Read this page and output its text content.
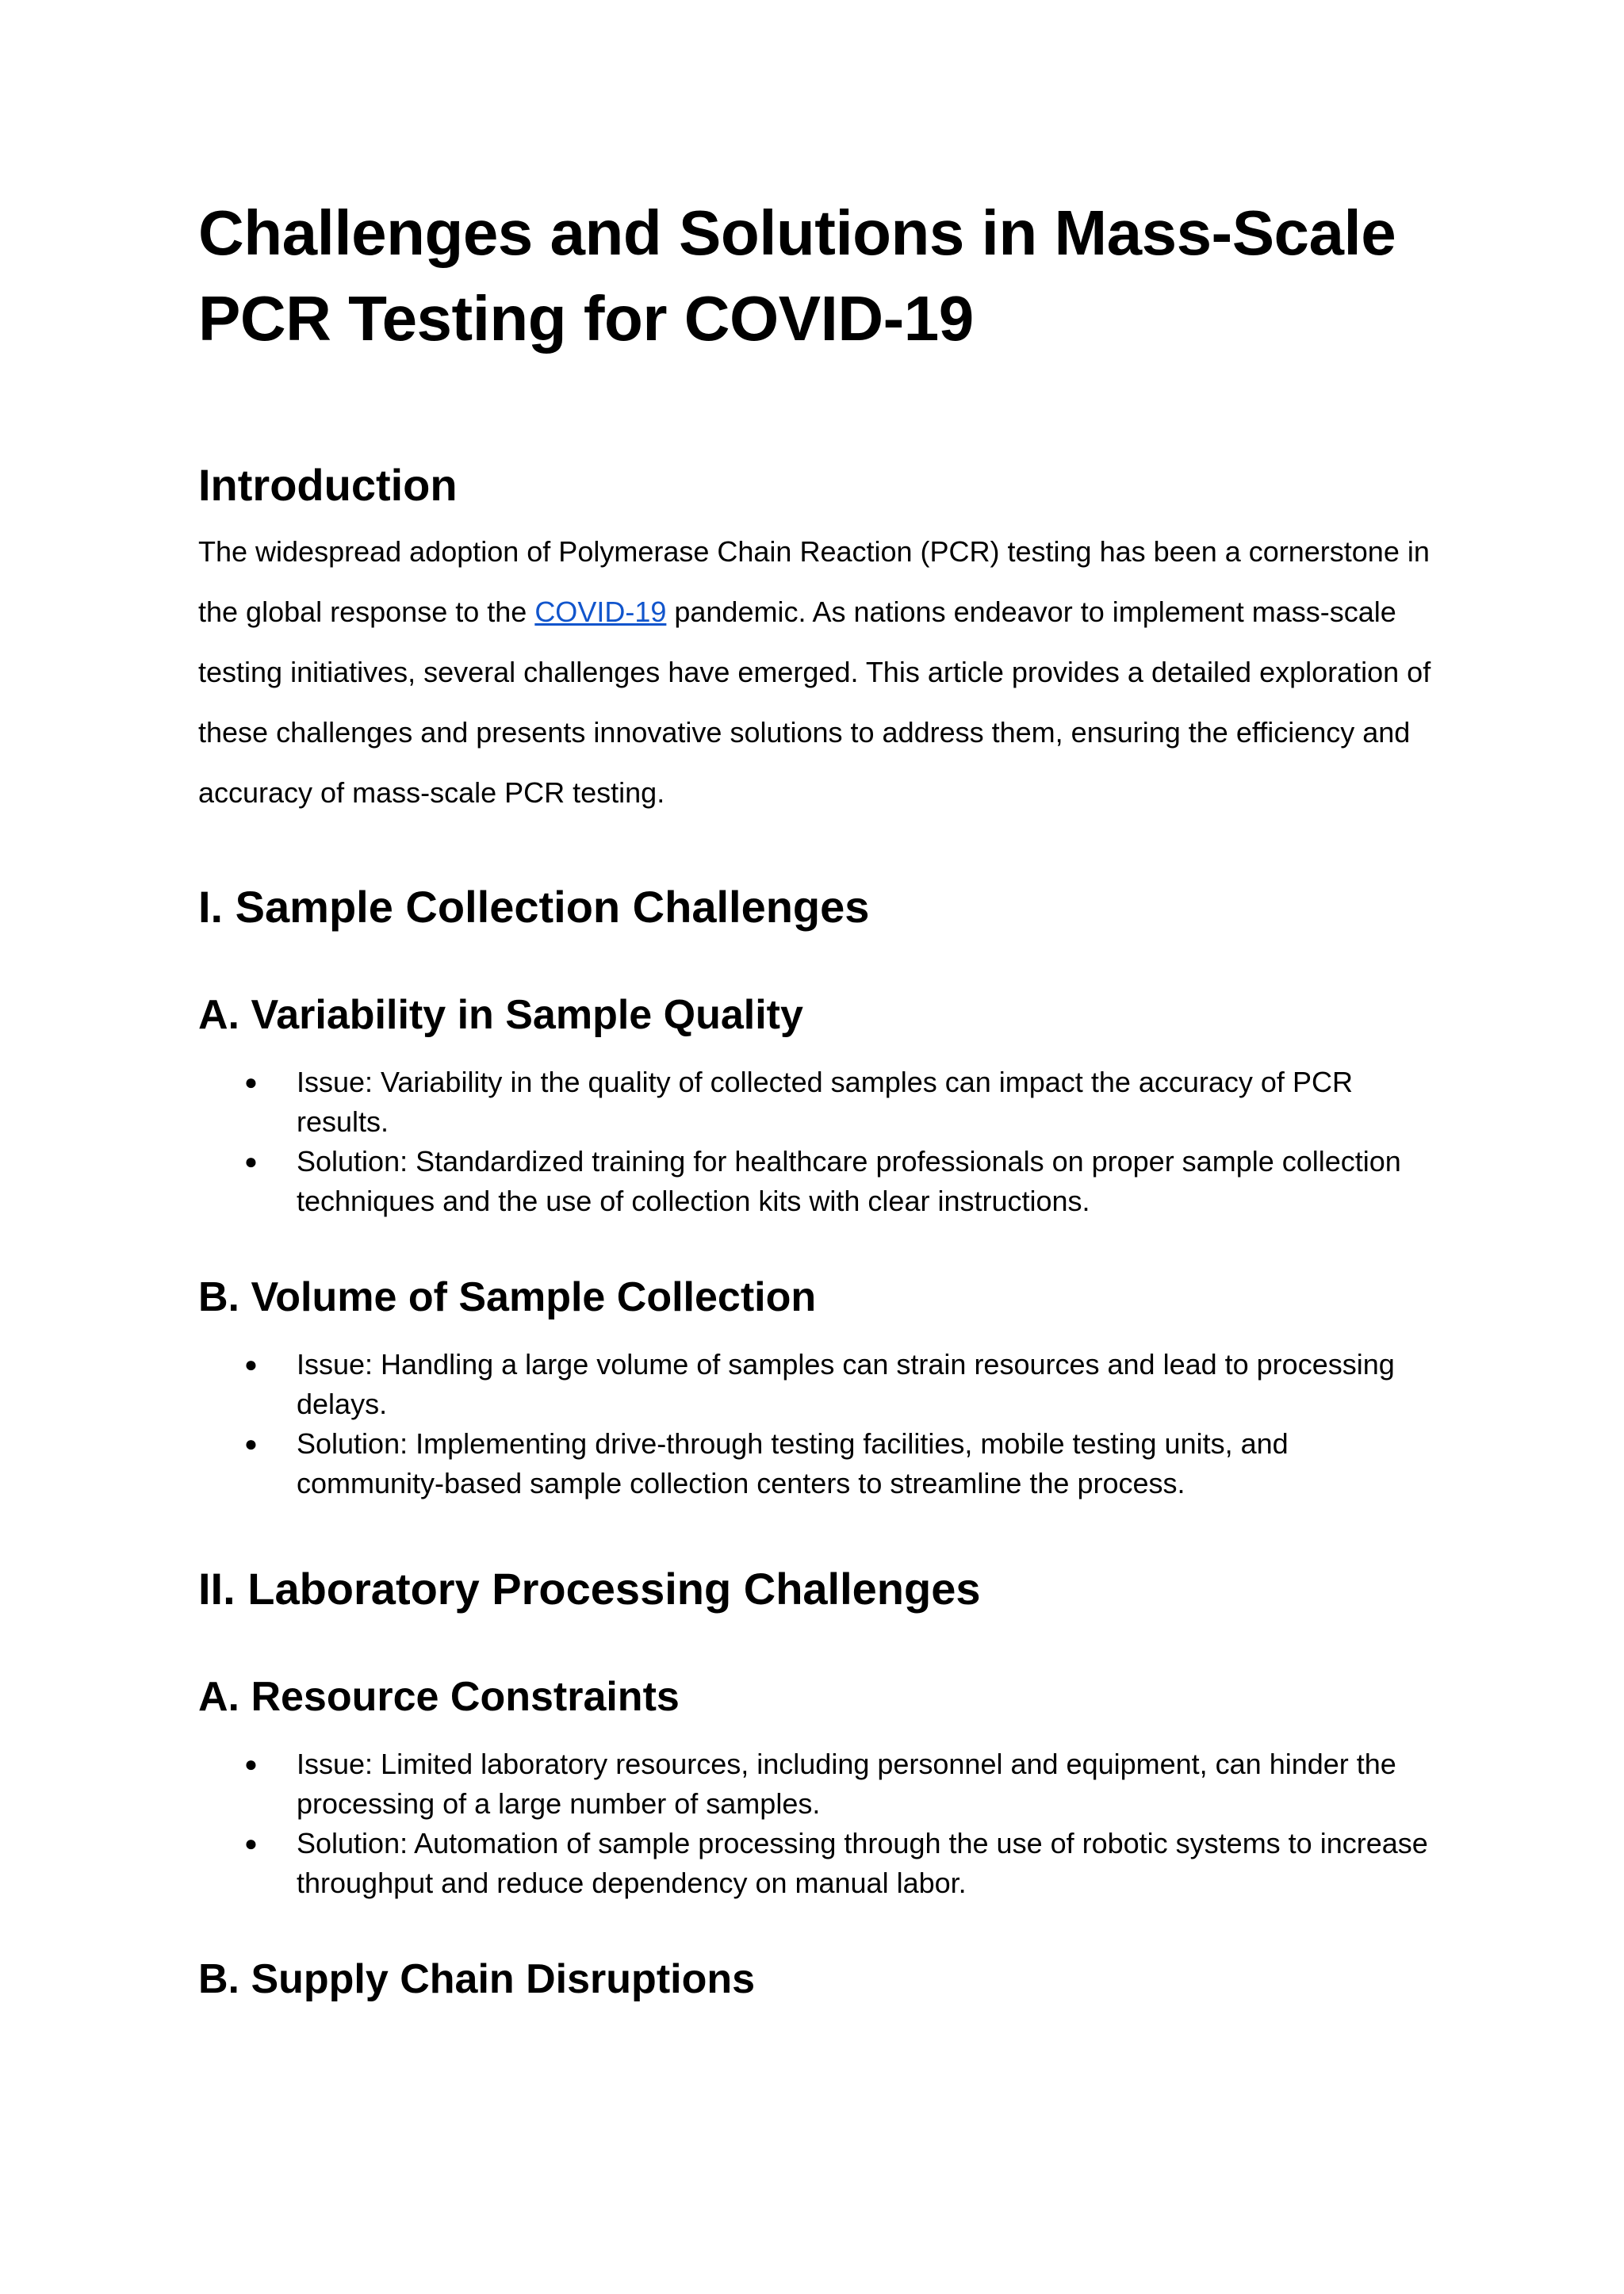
Challenges and Solutions in Mass-Scale PCR Testing for COVID-19
Introduction

The widespread adoption of Polymerase Chain Reaction (PCR) testing has been a cornerstone in the global response to the COVID-19 pandemic. As nations endeavor to implement mass-scale testing initiatives, several challenges have emerged. This article provides a detailed exploration of these challenges and presents innovative solutions to address them, ensuring the efficiency and accuracy of mass-scale PCR testing.

I. Sample Collection Challenges
A. Variability in Sample Quality
● Issue: Variability in the quality of collected samples can impact the accuracy of PCR results.
● Solution: Standardized training for healthcare professionals on proper sample collection techniques and the use of collection kits with clear instructions.
B. Volume of Sample Collection
● Issue: Handling a large volume of samples can strain resources and lead to processing delays.
● Solution: Implementing drive-through testing facilities, mobile testing units, and community-based sample collection centers to streamline the process.
II. Laboratory Processing Challenges
A. Resource Constraints
● Issue: Limited laboratory resources, including personnel and equipment, can hinder the processing of a large number of samples.
● Solution: Automation of sample processing through the use of robotic systems to increase throughput and reduce dependency on manual labor.
B. Supply Chain Disruptions
